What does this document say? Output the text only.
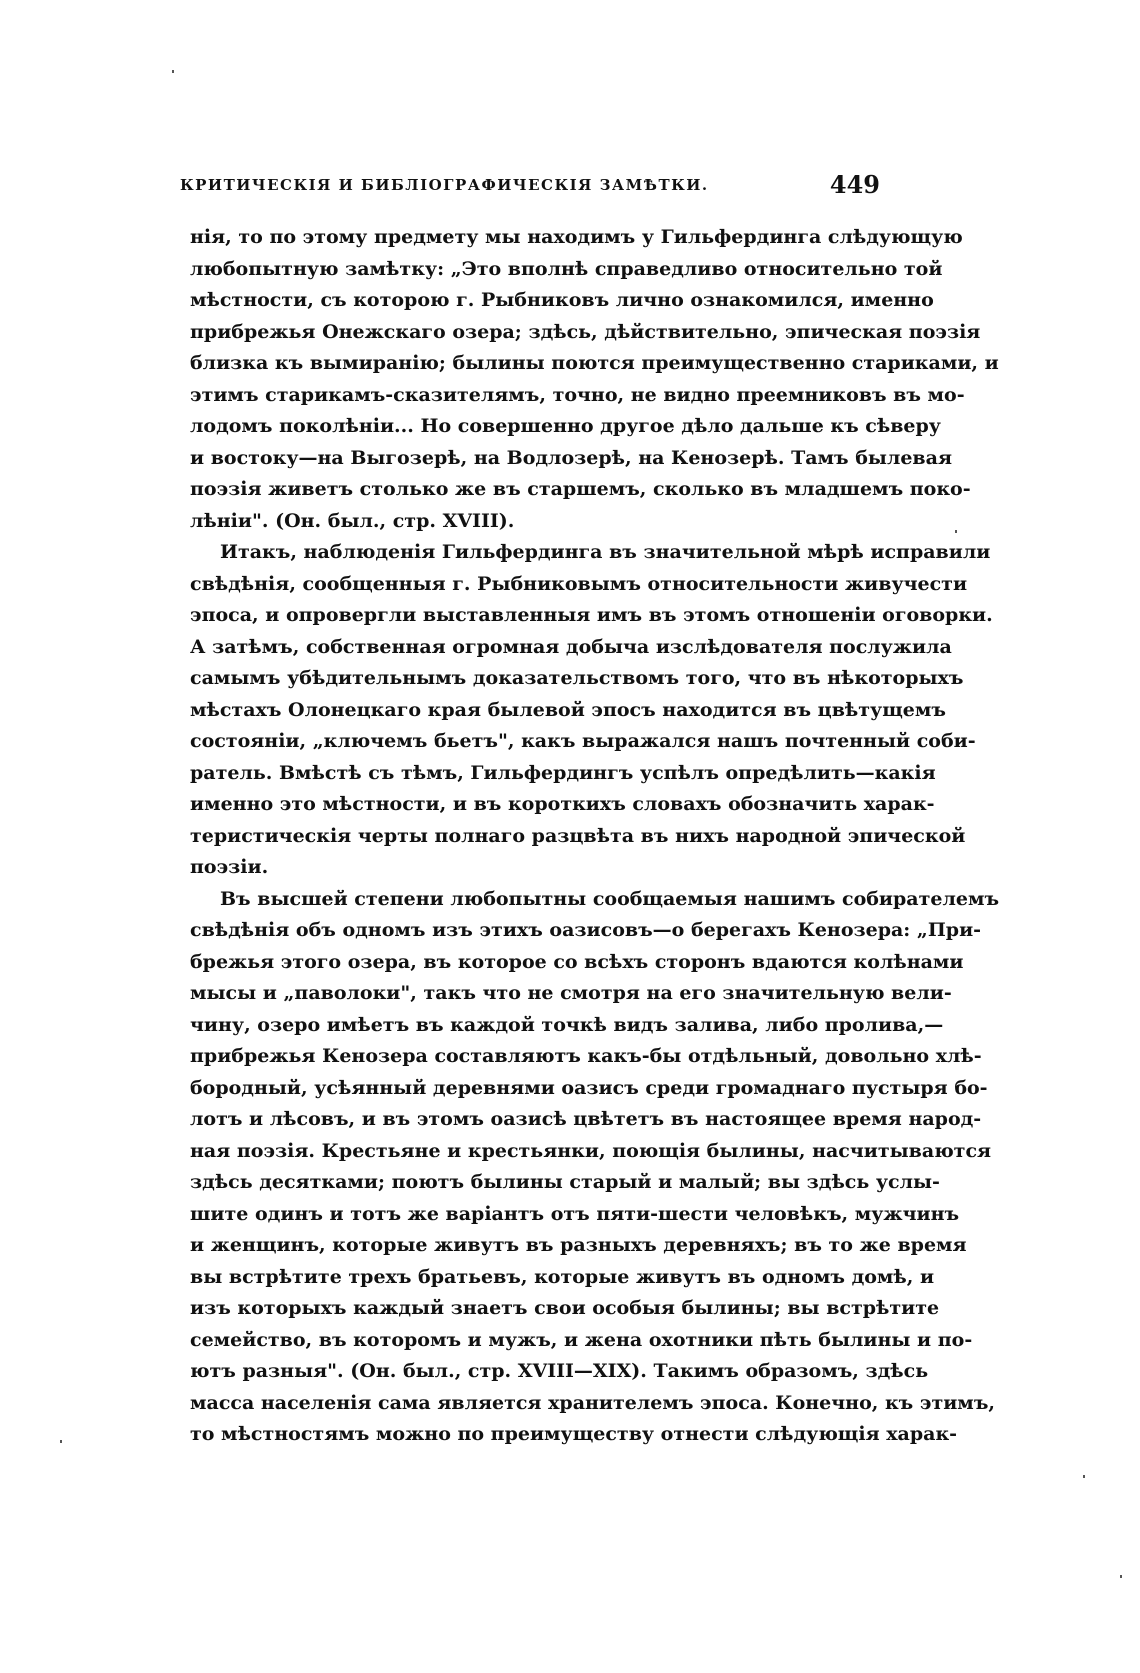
КРИТИЧЕСКІЯ И БИБЛІОГРАФИЧЕСКІЯ ЗАМѢТКИ.	449
нія, то по этому предмету мы находимъ у Гильфердинга слѣдующую
любопытную замѣтку: „Это вполнѣ справедливо относительно той
мѣстности, съ которою г. Рыбниковъ лично ознакомился, именно
прибрежья Онежскаго озера; здѣсь, дѣйствительно, эпическая поэзія
близка къ вымиранію; былины поются преимущественно стариками, и
этимъ старикамъ-сказителямъ, точно, не видно преемниковъ въ мо-
лодомъ поколѣніи... Но совершенно другое дѣло дальше къ сѣверу
и востоку—на Выгозерѣ, на Водлозерѣ, на Кенозерѣ. Тамъ былевая
поэзія живетъ столько же въ старшемъ, сколько въ младшемъ поко-
лѣніи". (Он. был., стр. XVIII).
Итакъ, наблюденія Гильфердинга въ значительной мѣрѣ исправили
свѣдѣнія, сообщенныя г. Рыбниковымъ относительности живучести
эпоса, и опровергли выставленныя имъ въ этомъ отношеніи оговорки.
А затѣмъ, собственная огромная добыча изслѣдователя послужила
самымъ убѣдительнымъ доказательствомъ того, что въ нѣкоторыхъ
мѣстахъ Олонецкаго края былевой эпосъ находится въ цвѣтущемъ
состояніи, „ключемъ бьетъ", какъ выражался нашъ почтенный соби-
ратель. Вмѣстѣ съ тѣмъ, Гильфердингъ успѣлъ опредѣлить—какія
именно это мѣстности, и въ короткихъ словахъ обозначить харак-
теристическія черты полнаго разцвѣта въ нихъ народной эпической
поэзіи.
Въ высшей степени любопытны сообщаемыя нашимъ собирателемъ
свѣдѣнія объ одномъ изъ этихъ оазисовъ—о берегахъ Кенозера: „При-
брежья этого озера, въ которое со всѣхъ сторонъ вдаются колѣнами
мысы и „паволоки", такъ что не смотря на его значительную вели-
чину, озеро имѣетъ въ каждой точкѣ видъ залива, либо пролива,—
прибрежья Кенозера составляютъ какъ-бы отдѣльный, довольно хлѣ-
бородный, усѣянный деревнями оазисъ среди громаднаго пустыря бо-
лотъ и лѣсовъ, и въ этомъ оазисѣ цвѣтетъ въ настоящее время народ-
ная поэзія. Крестьяне и крестьянки, поющія былины, насчитываются
здѣсь десятками; поютъ былины старый и малый; вы здѣсь услы-
шите одинъ и тотъ же варіантъ отъ пяти-шести человѣкъ, мужчинъ
и женщинъ, которые живутъ въ разныхъ деревняхъ; въ то же время
вы встрѣтите трехъ братьевъ, которые живутъ въ одномъ домѣ, и
изъ которыхъ каждый знаетъ свои особыя былины; вы встрѣтите
семейство, въ которомъ и мужъ, и жена охотники пѣть былины и по-
ютъ разныя". (Он. был., стр. XVIII—XIX). Такимъ образомъ, здѣсь
масса населенія сама является хранителемъ эпоса. Конечно, къ этимъ,
то мѣстностямъ можно по преимуществу отнести слѣдующія харак-
